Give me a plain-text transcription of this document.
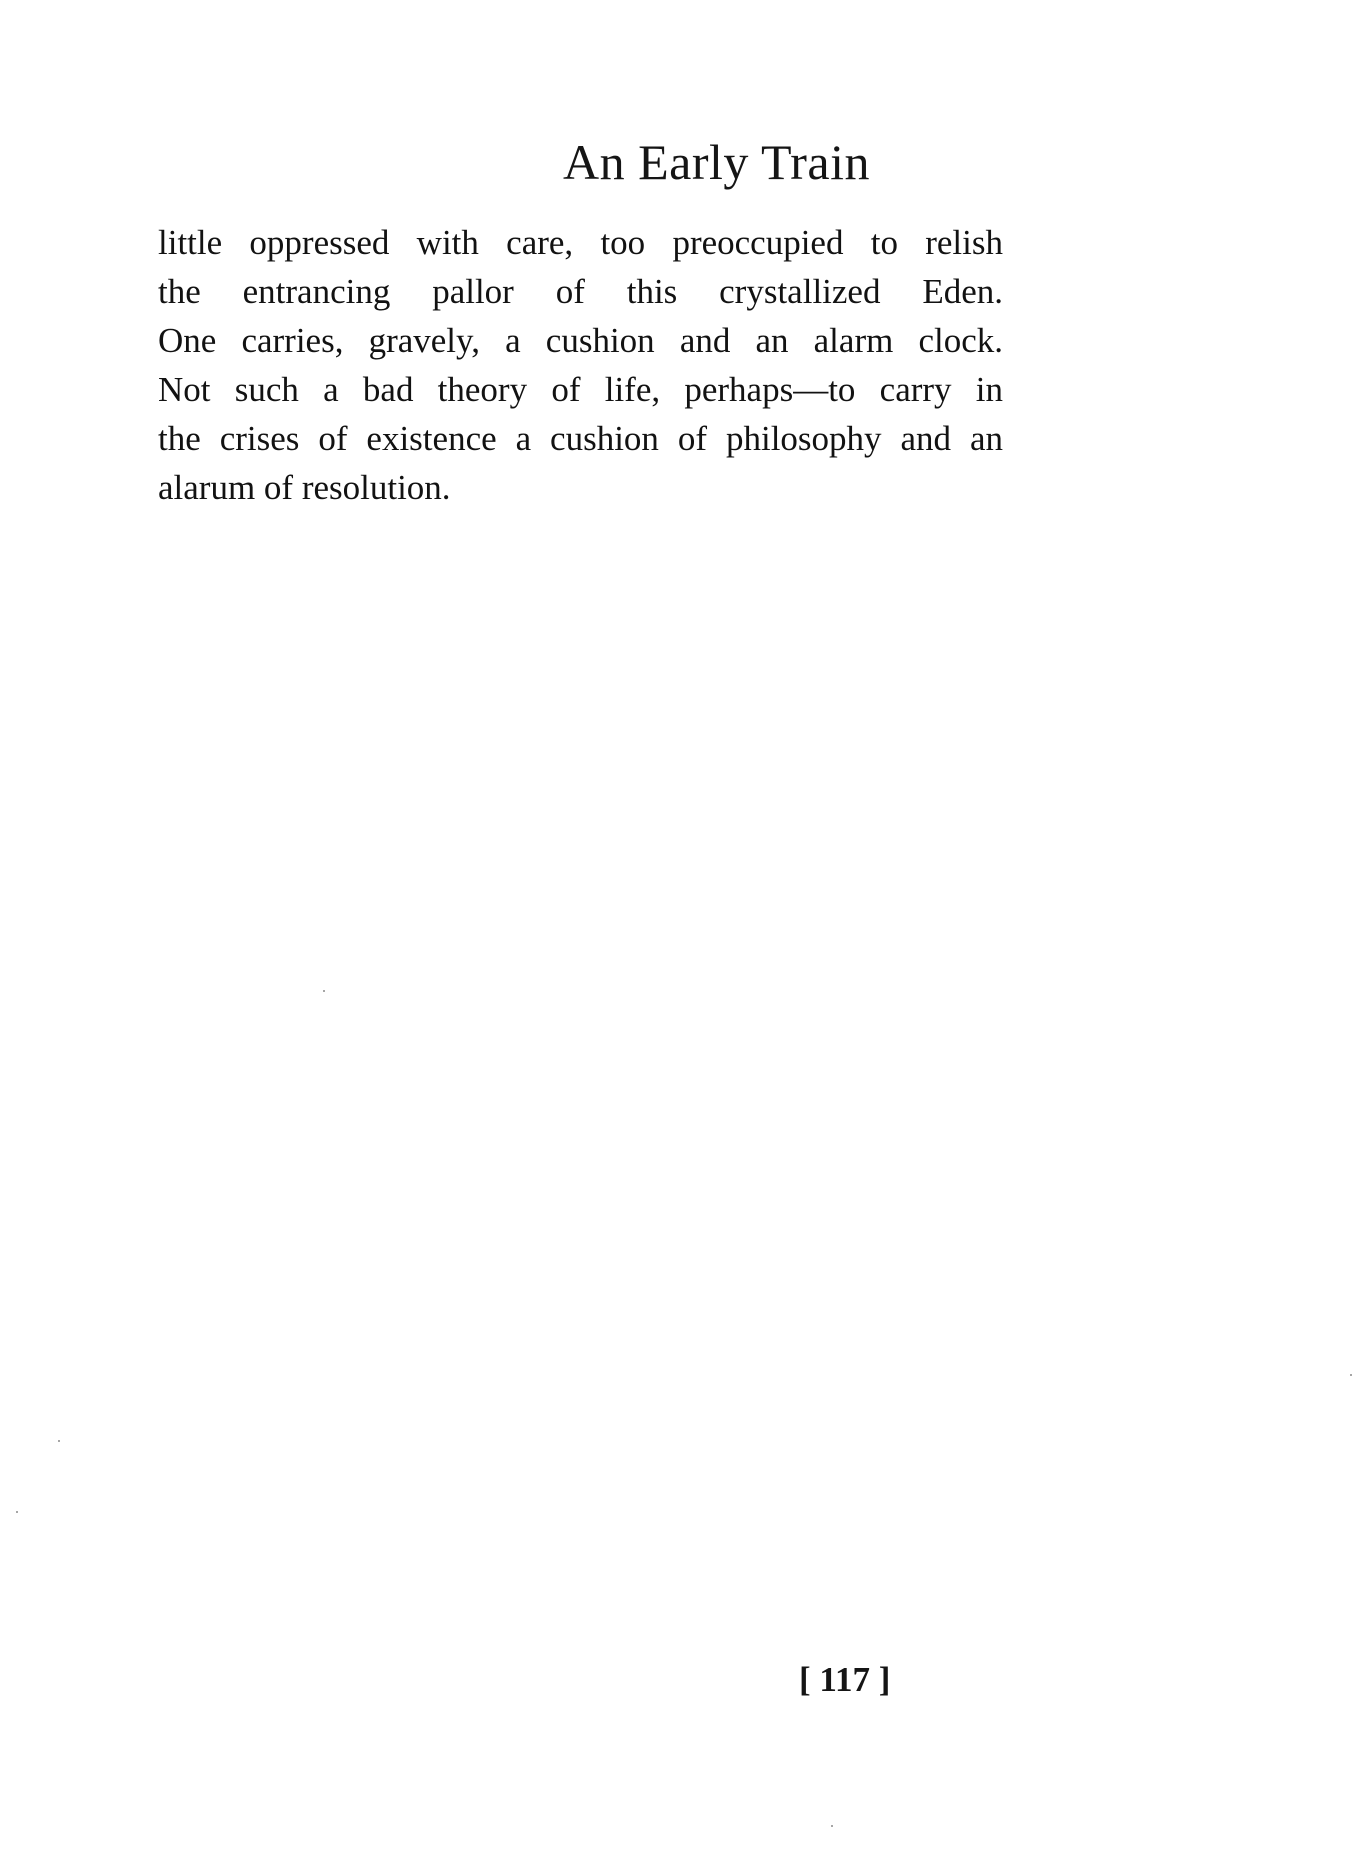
An Early Train
little oppressed with care, too preoccupied to relish
the entrancing pallor of this crystallized Eden.
One carries, gravely, a cushion and an alarm clock.
Not such a bad theory of life, perhaps—to carry in
the crises of existence a cushion of philosophy and an
alarum of resolution.
[ 117 ]
